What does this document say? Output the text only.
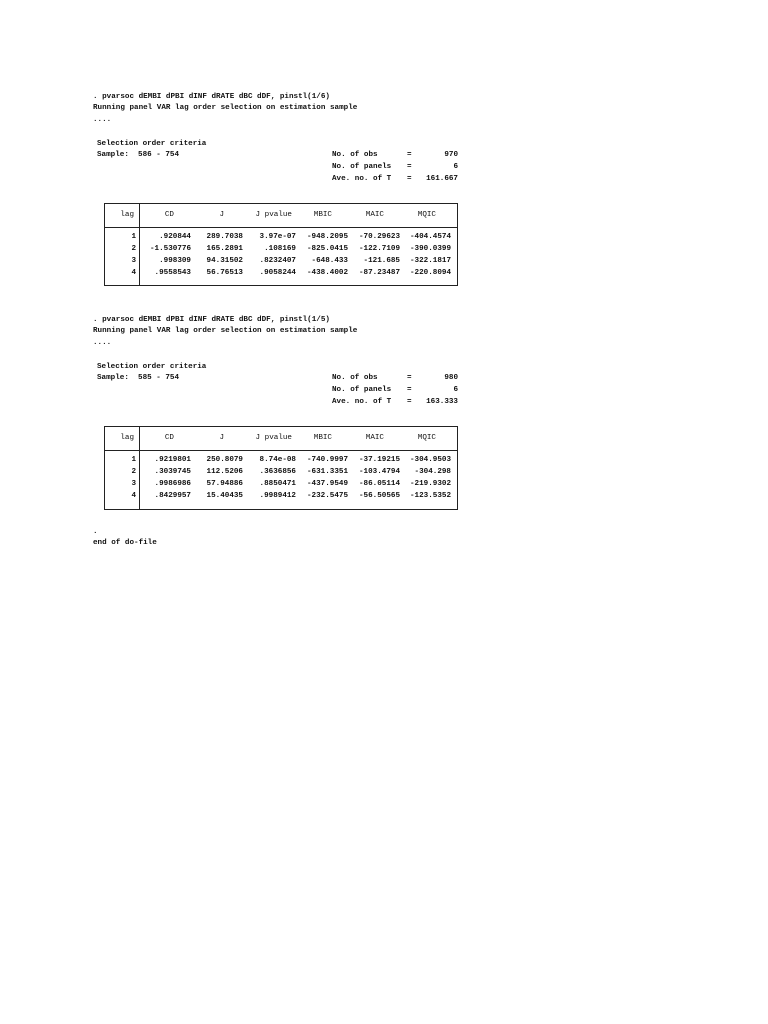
. pvarsoc dEMBI dPBI dINF dRATE dBC dDF, pinstl(1/6)
Running panel VAR lag order selection on estimation sample
....
Selection order criteria
Sample:  586 - 754	No. of obs	=	970
No. of panels =	6
Ave. no. of T =	161.667
lag	CD	J	J pvalue	MBIC	MAIC	MQIC
1	.920844	289.7038	3.97e-07	-948.2095	-70.29623	-404.4574
2	-1.530776	165.2891	.108169	-825.0415	-122.7109	-390.0399
3	.998309	94.31502	.8232407	-648.433	-121.685	-322.1817
4	.9558543	56.76513	.9058244	-438.4002	-87.23487	-220.8094
. pvarsoc dEMBI dPBI dINF dRATE dBC dDF, pinstl(1/5)
Running panel VAR lag order selection on estimation sample
....
Selection order criteria
Sample:  585 - 754	No. of obs	=	980
No. of panels =	6
Ave. no. of T =	163.333
lag	CD	J	J pvalue	MBIC	MAIC	MQIC
1	.9219801	250.8079	8.74e-08	-740.9997	-37.19215	-304.9503
2	.3039745	112.5206	.3636856	-631.3351	-103.4794	-304.298
3	.9986986	57.94886	.8850471	-437.9549	-86.05114	-219.9302
4	.8429957	15.40435	.9989412	-232.5475	-56.50565	-123.5352
.
end of do-file
